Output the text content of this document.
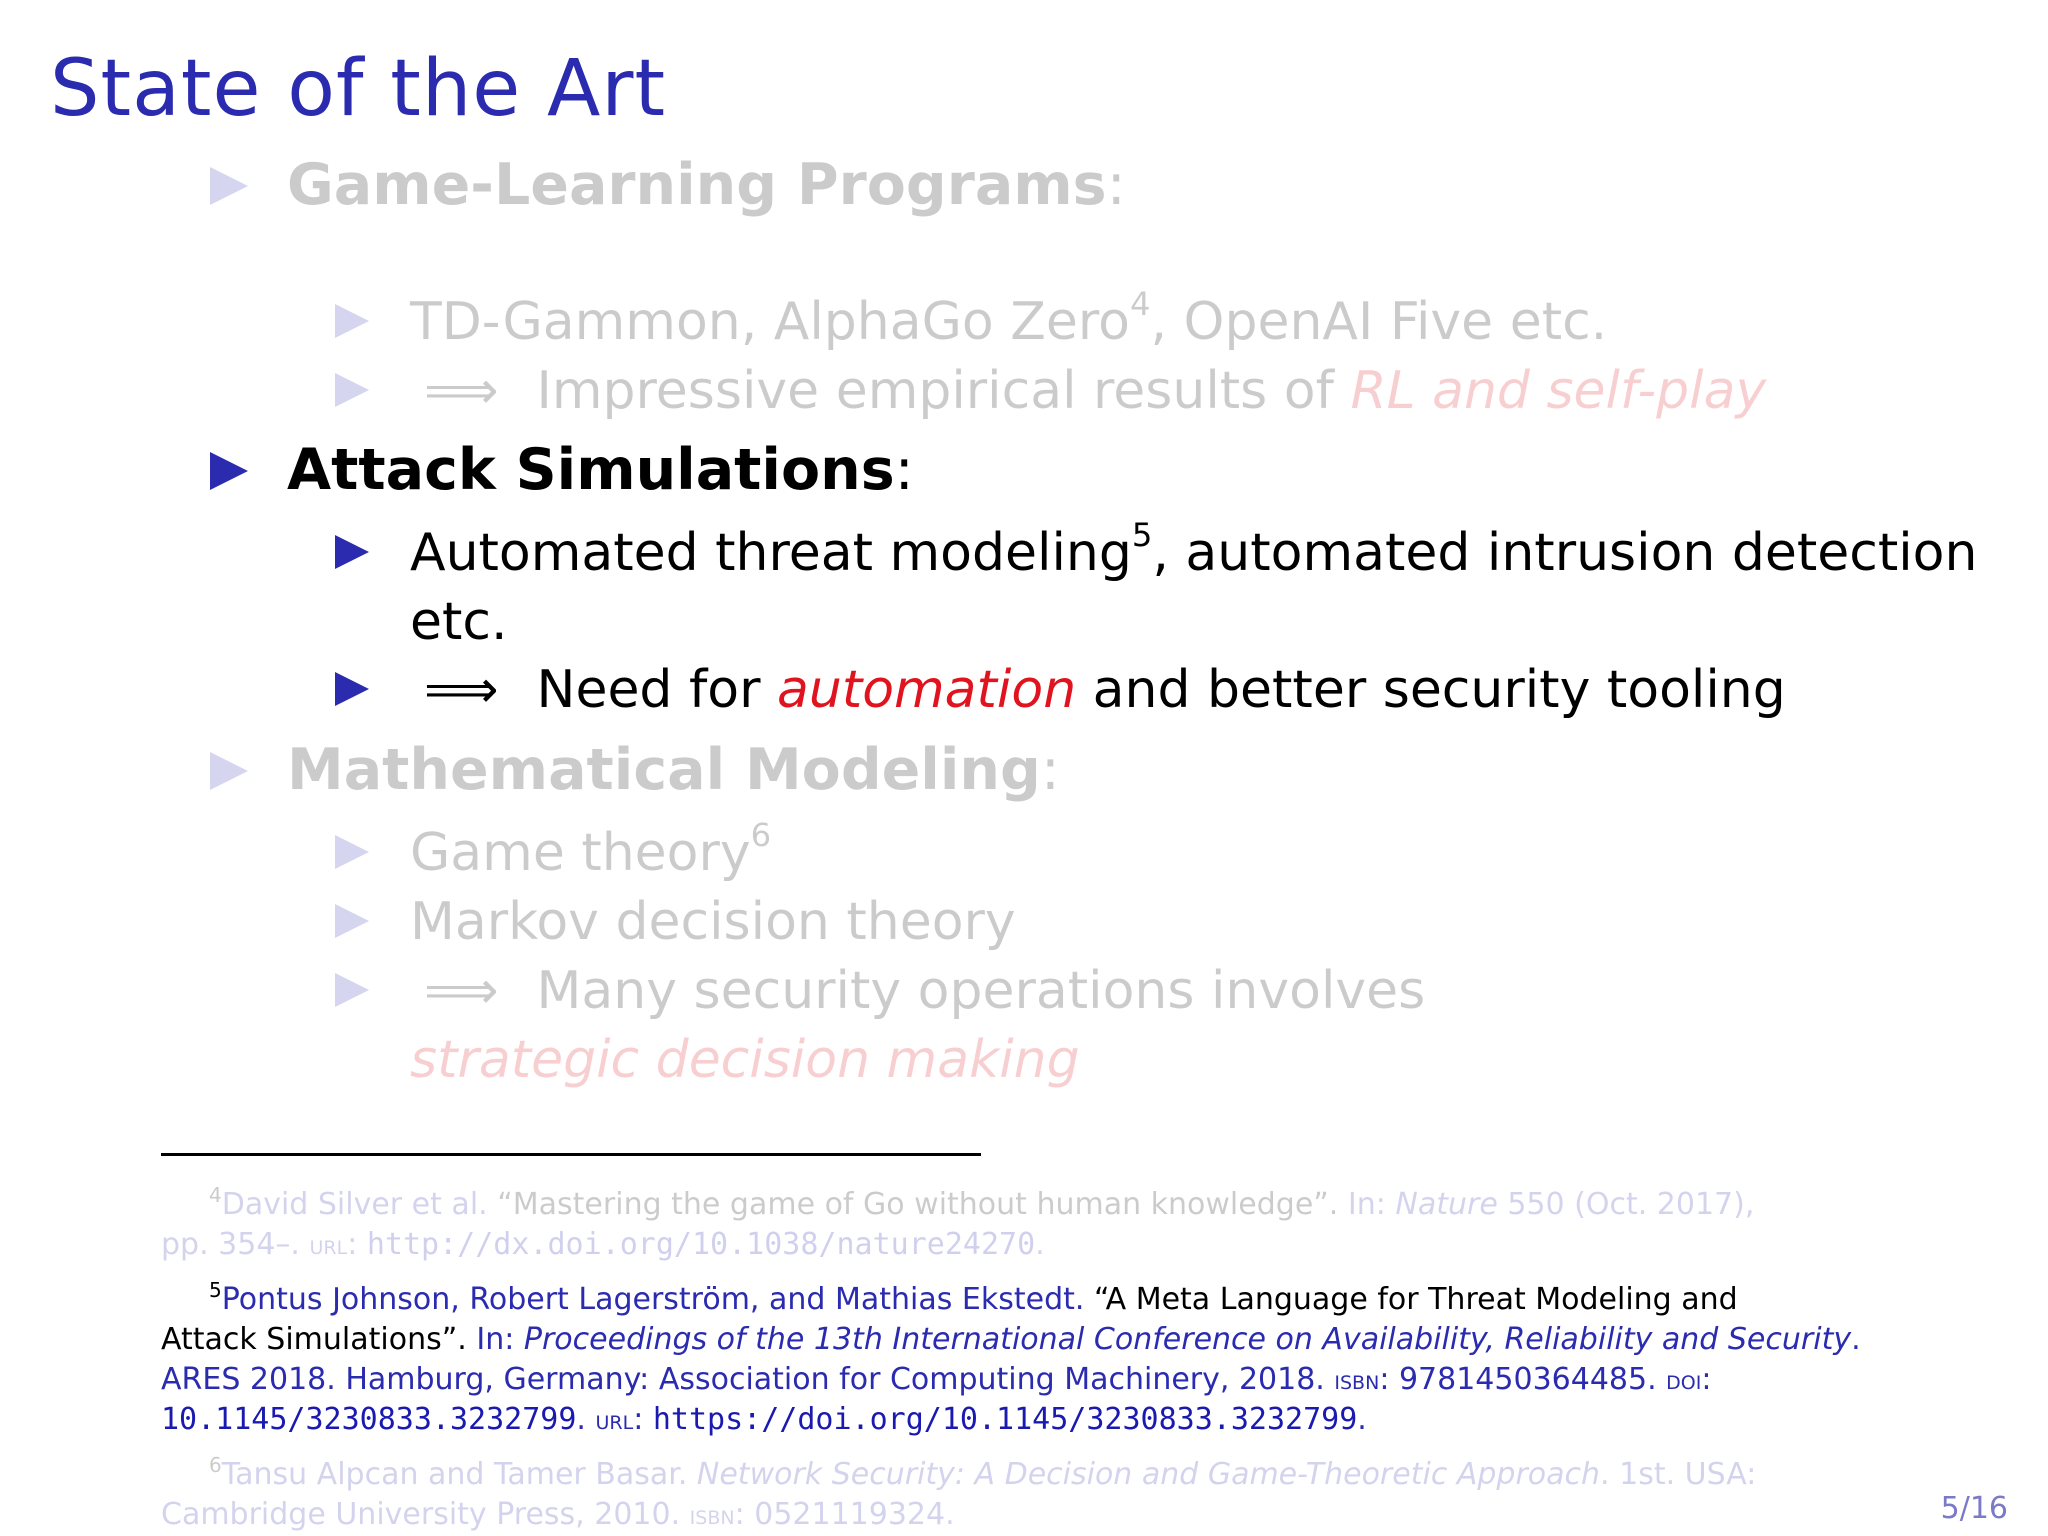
State of the Art
Game-Learning Programs:
TD-Gammon, AlphaGo Zero$^4$, OpenAI Five etc.
⟹ Impressive empirical results of RL and self-play
Attack Simulations:
Automated threat modeling$^5$, automated intrusion detection
etc.
⟹ Need for automation and better security tooling
Mathematical Modeling:
Game theory$^6$
Markov decision theory
⟹ Many security operations involves
strategic decision making
$^4$David Silver et al. “Mastering the game of Go without human knowledge”. In: Nature 550 (Oct. 2017),
pp. 354–. url: http://dx.doi.org/10.1038/nature24270.
$^5$Pontus Johnson, Robert Lagerström, and Mathias Ekstedt. “A Meta Language for Threat Modeling and
Attack Simulations”. In: Proceedings of the 13th International Conference on Availability, Reliability and Security.
ARES 2018. Hamburg, Germany: Association for Computing Machinery, 2018. isbn: 9781450364485. doi:
10.1145/3230833.3232799. url: https://doi.org/10.1145/3230833.3232799.
$^6$Tansu Alpcan and Tamer Basar. Network Security: A Decision and Game-Theoretic Approach. 1st. USA:
Cambridge University Press, 2010. isbn: 0521119324.	5/16
